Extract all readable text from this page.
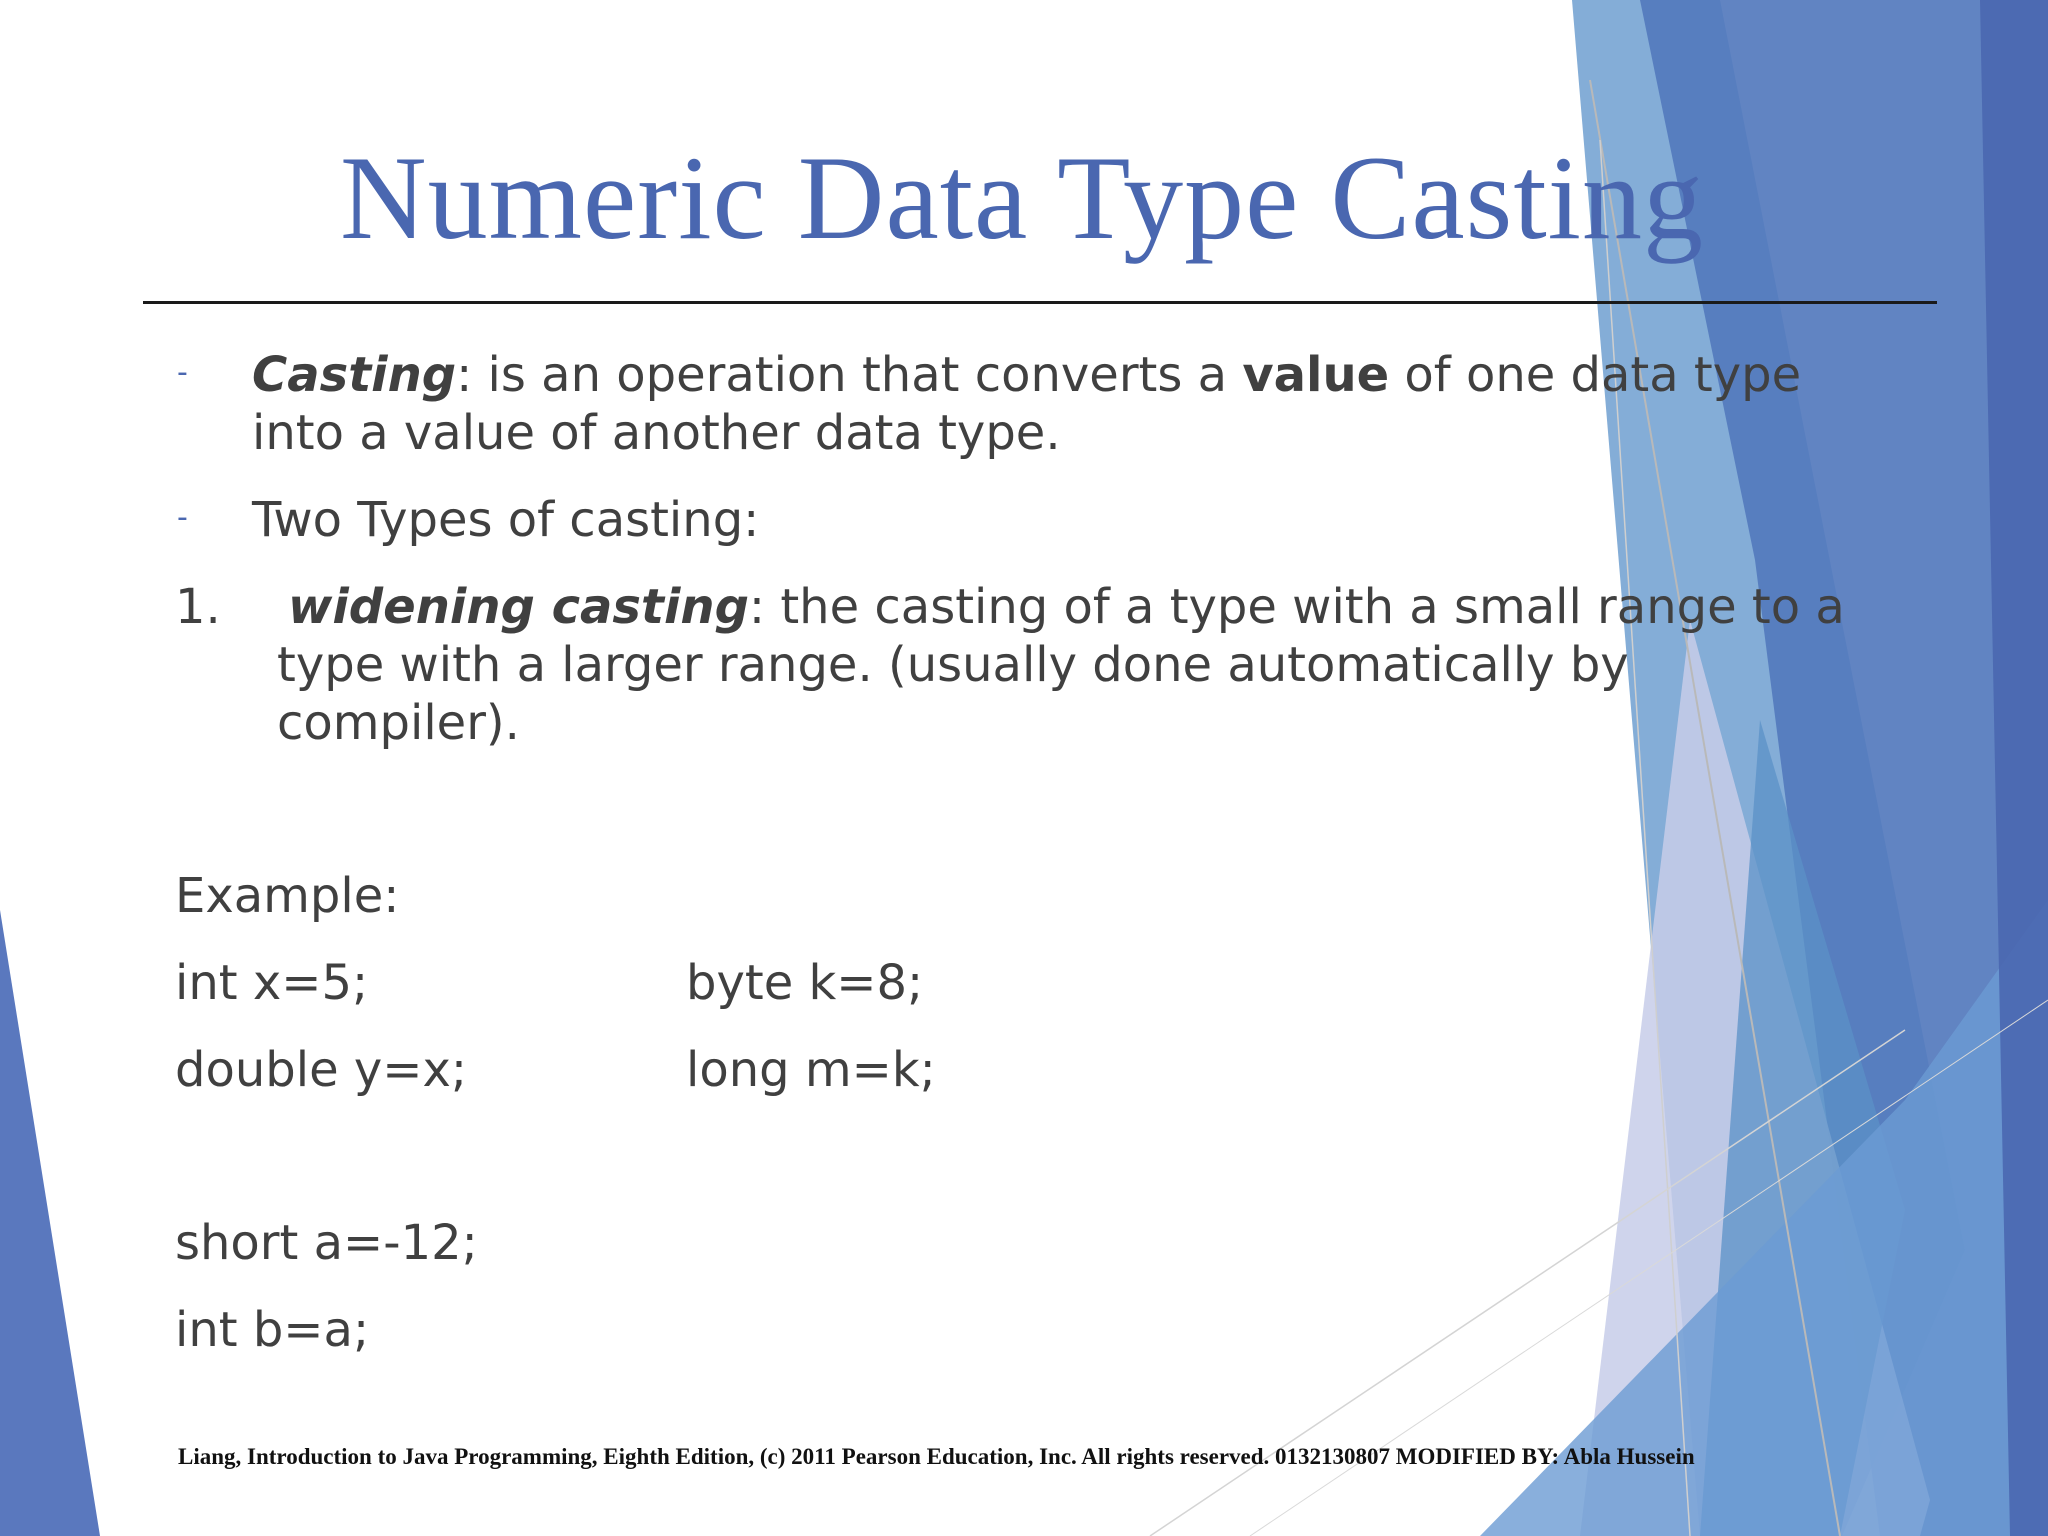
Numeric Data Type Casting
- Casting: is an operation that converts a value of one data type
into a value of another data type.
- Two Types of casting:
1. widening casting: the casting of a type with a small range to a
type with a larger range. (usually done automatically by
compiler).
Example:
int x=5;	byte k=8;
double y=x;	long m=k;
short a=-12;
int b=a;
Liang, Introduction to Java Programming, Eighth Edition, (c) 2011 Pearson Education, Inc. All rights reserved. 0132130807 MODIFIED BY: Abla Hussein
